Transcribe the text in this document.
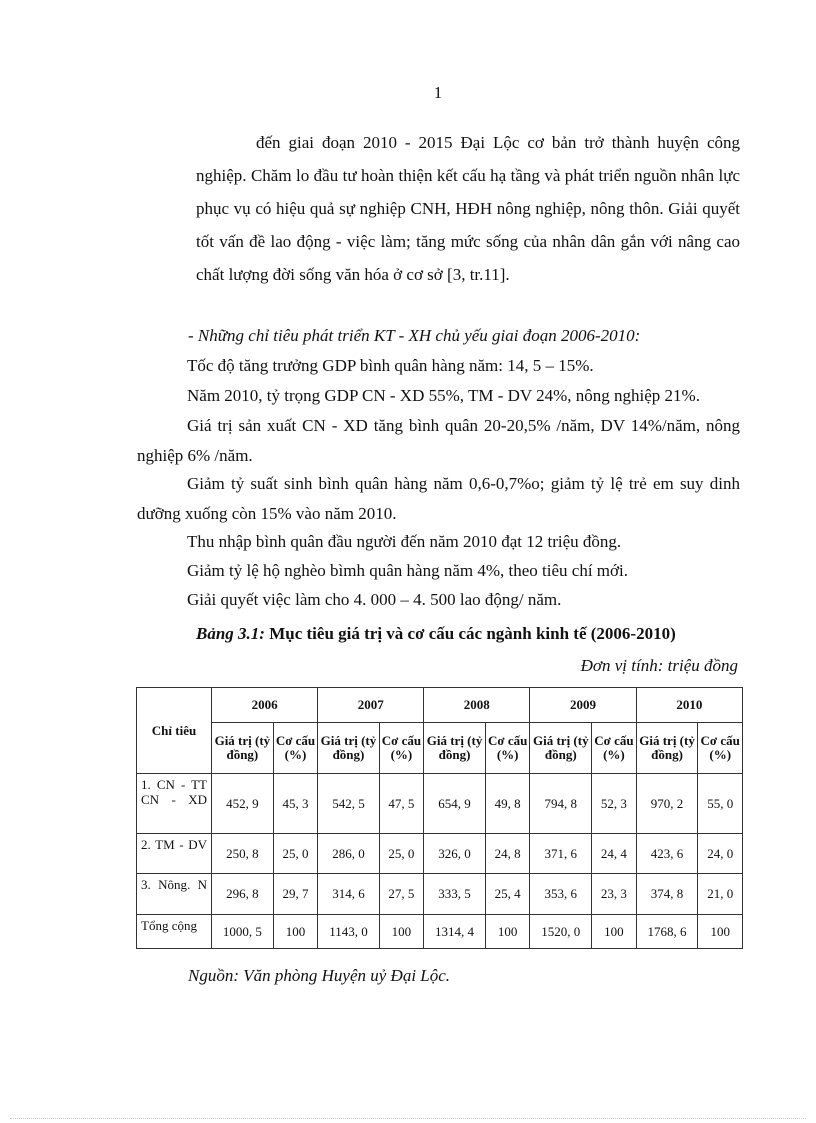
1
đến giai đoạn 2010 - 2015 Đại Lộc cơ bản trở thành huyện công nghiệp. Chăm lo đầu tư hoàn thiện kết cấu hạ tầng và phát triển nguồn nhân lực phục vụ có hiệu quả sự nghiệp CNH, HĐH nông nghiệp, nông thôn. Giải quyết tốt vấn đề lao động - việc làm; tăng mức sống của nhân dân gắn với nâng cao chất lượng đời sống văn hóa ở cơ sở [3, tr.11].
- Những chỉ tiêu phát triển KT - XH chủ yếu giai đoạn 2006-2010:
Tốc độ tăng trưởng GDP bình quân hàng năm: 14, 5 – 15%.
Năm 2010, tỷ trọng GDP CN - XD 55%, TM - DV 24%, nông nghiệp 21%.
Giá trị sản xuất CN - XD tăng bình quân 20-20,5% /năm, DV 14%/năm, nông nghiệp 6% /năm.
Giảm tỷ suất sinh bình quân hàng năm 0,6-0,7%o; giảm tỷ lệ trẻ em suy dinh dưỡng xuống còn 15% vào năm 2010.
Thu nhập bình quân đầu người đến năm 2010 đạt 12 triệu đồng.
Giảm tỷ lệ hộ nghèo bìmh quân hàng năm 4%, theo tiêu chí mới.
Giải quyết việc làm cho 4. 000 – 4. 500 lao động/ năm.
Bảng 3.1: Mục tiêu giá trị và cơ cấu các ngành kinh tế (2006-2010)
Đơn vị tính: triệu đồng
Chỉ tiêu	2006		2007		2008		2009		2010	
	Giá trị (tỷ đồng)	Cơ cấu (%)	Giá trị (tỷ đồng)	Cơ cấu (%)	Giá trị (tỷ đồng)	Cơ cấu (%)	Giá trị (tỷ đồng)	Cơ cấu (%)	Giá trị (tỷ đồng)	Cơ cấu (%)
1. CN - TT CN - XD	452, 9	45, 3	542, 5	47, 5	654, 9	49, 8	794, 8	52, 3	970, 2	55, 0
2. TM - DV	250, 8	25, 0	286, 0	25, 0	326, 0	24, 8	371, 6	24, 4	423, 6	24, 0
3. Nông. N	296, 8	29, 7	314, 6	27, 5	333, 5	25, 4	353, 6	23, 3	374, 8	21, 0
Tổng cộng	1000, 5	100	1143, 0	100	1314, 4	100	1520, 0	100	1768, 6	100
Nguồn: Văn phòng Huyện uỷ Đại Lộc.
